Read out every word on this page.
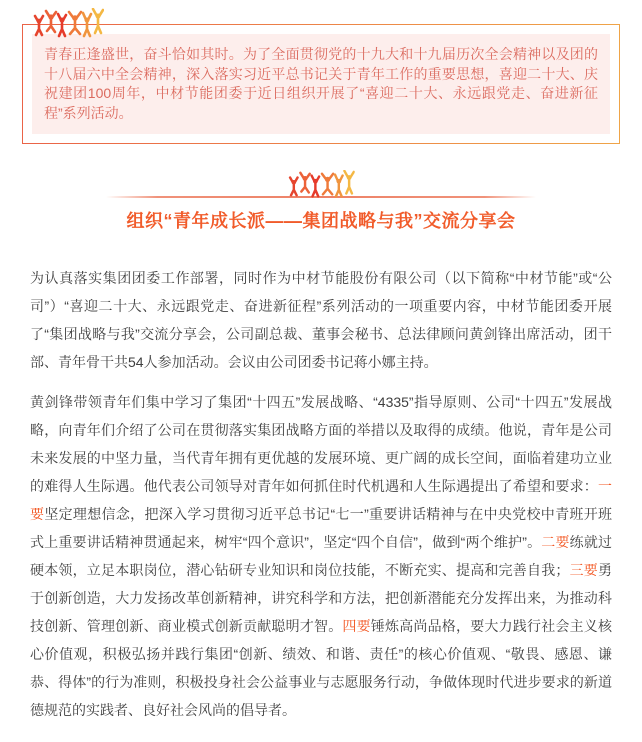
青春正逢盛世，奋斗恰如其时。为了全面贯彻党的十九大和十九届历次全会精神以及团的十八届六中全会精神，深入落实习近平总书记关于青年工作的重要思想，喜迎二十大、庆祝建团100周年，中材节能团委于近日组织开展了“喜迎二十大、永远跟党走、奋进新征程”系列活动。
组织“青年成长派——集团战略与我”交流分享会

为认真落实集团团委工作部署，同时作为中材节能股份有限公司（以下简称“中材节能”或“公司”）“喜迎二十大、永远跟党走、奋进新征程”系列活动的一项重要内容，中材节能团委开展了“集团战略与我”交流分享会，公司副总裁、董事会秘书、总法律顾问黄剑锋出席活动，团干部、青年骨干共54人参加活动。会议由公司团委书记蒋小娜主持。

黄剑锋带领青年们集中学习了集团“十四五”发展战略、“4335”指导原则、公司“十四五”发展战略，向青年们介绍了公司在贯彻落实集团战略方面的举措以及取得的成绩。他说，青年是公司未来发展的中坚力量，当代青年拥有更优越的发展环境、更广阔的成长空间，面临着建功立业的难得人生际遇。他代表公司领导对青年如何抓住时代机遇和人生际遇提出了希望和要求：一要坚定理想信念，把深入学习贯彻习近平总书记“七一”重要讲话精神与在中央党校中青班开班式上重要讲话精神贯通起来，树牢“四个意识”，坚定“四个自信”，做到“两个维护”。二要练就过硬本领，立足本职岗位，潜心钻研专业知识和岗位技能，不断充实、提高和完善自我；三要勇于创新创造，大力发扬改革创新精神，讲究科学和方法，把创新潜能充分发挥出来，为推动科技创新、管理创新、商业模式创新贡献聪明才智。四要锤炼高尚品格，要大力践行社会主义核心价值观，积极弘扬并践行集团“创新、绩效、和谐、责任”的核心价值观、“敬畏、感恩、谦恭、得体”的行为准则，积极投身社会公益事业与志愿服务行动，争做体现时代进步要求的新道德规范的实践者、良好社会风尚的倡导者。
